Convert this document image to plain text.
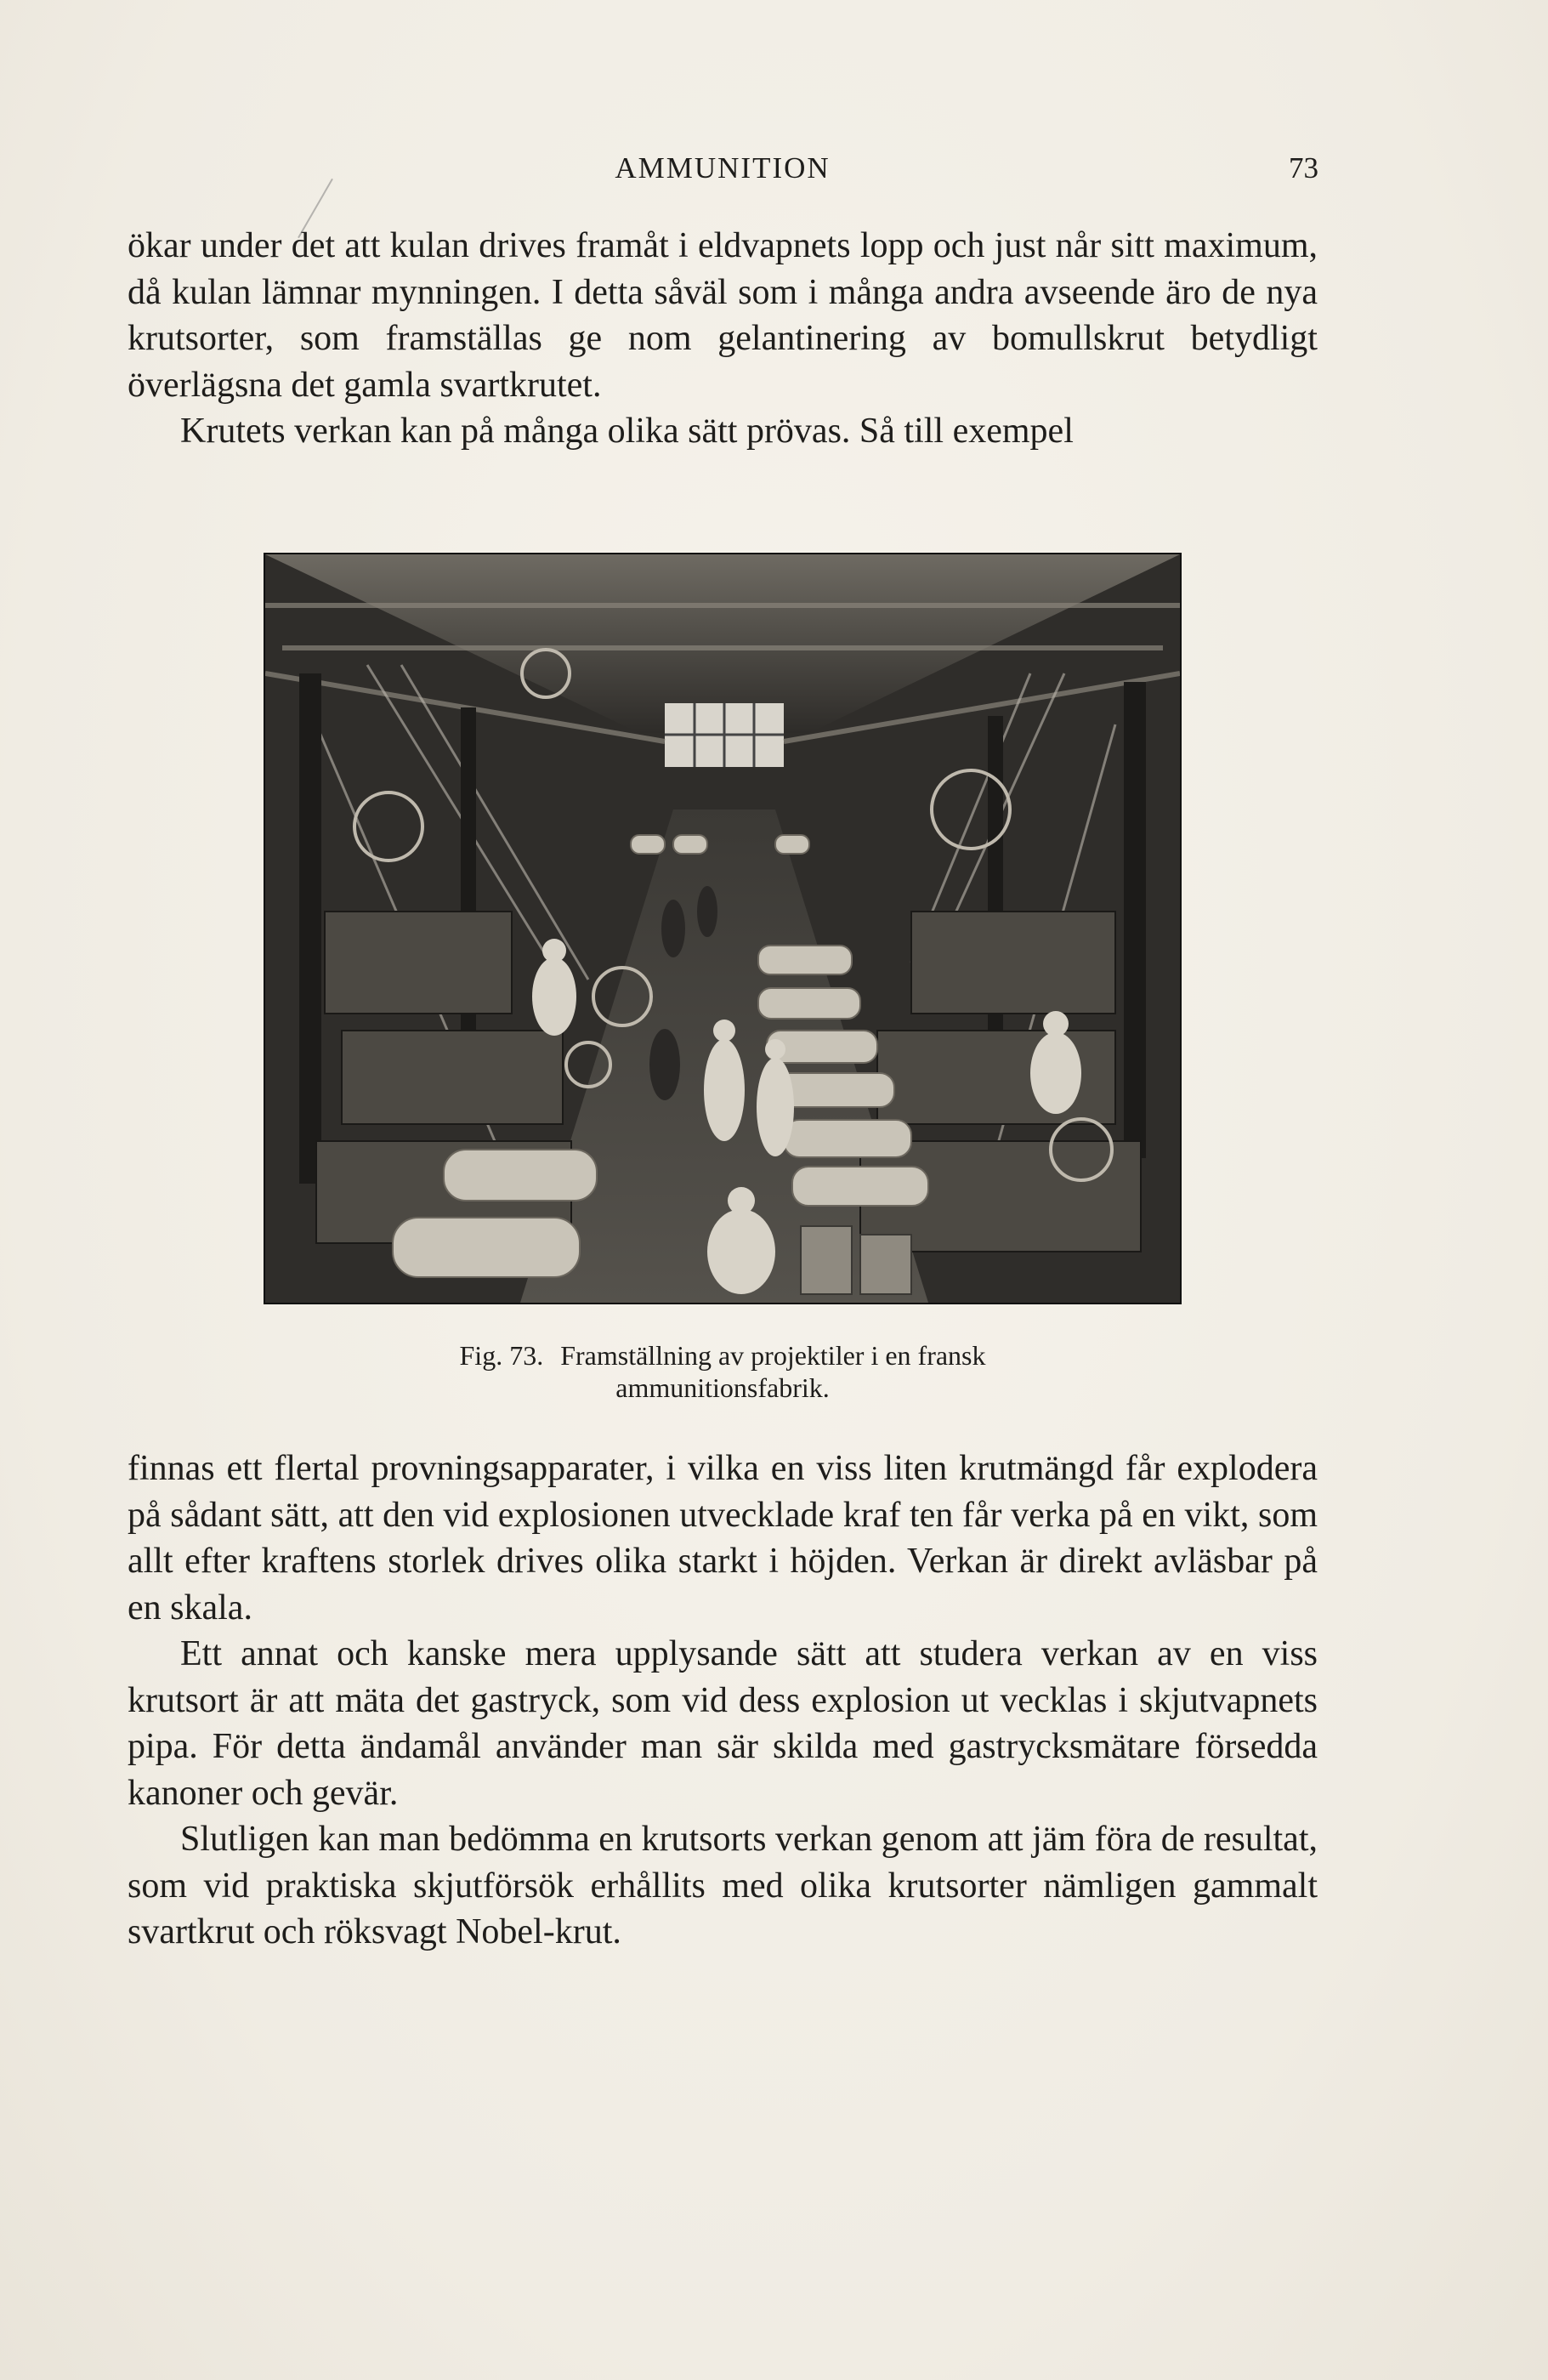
AMMUNITION	73

ökar under det att kulan drives framåt i eldvapnets lopp och just når sitt maximum, då kulan lämnar mynningen. I detta såväl som i många andra avseende äro de nya krutsorter, som framställas ge nom gelantinering av bomullskrut betydligt överlägsna det gamla svartkrutet.

Krutets verkan kan på många olika sätt prövas. Så till exempel

Fig. 73. Framställning av projektiler i en fransk
ammunitionsfabrik.

finnas ett flertal provningsapparater, i vilka en viss liten krutmängd får explodera på sådant sätt, att den vid explosionen utvecklade kraf ten får verka på en vikt, som allt efter kraftens storlek drives olika starkt i höjden. Verkan är direkt avläsbar på en skala.

Ett annat och kanske mera upplysande sätt att studera verkan av en viss krutsort är att mäta det gastryck, som vid dess explosion ut vecklas i skjutvapnets pipa. För detta ändamål använder man sär skilda med gastrycksmätare försedda kanoner och gevär.

Slutligen kan man bedömma en krutsorts verkan genom att jäm föra de resultat, som vid praktiska skjutförsök erhållits med olika krutsorter nämligen gammalt svartkrut och röksvagt Nobel-krut.
